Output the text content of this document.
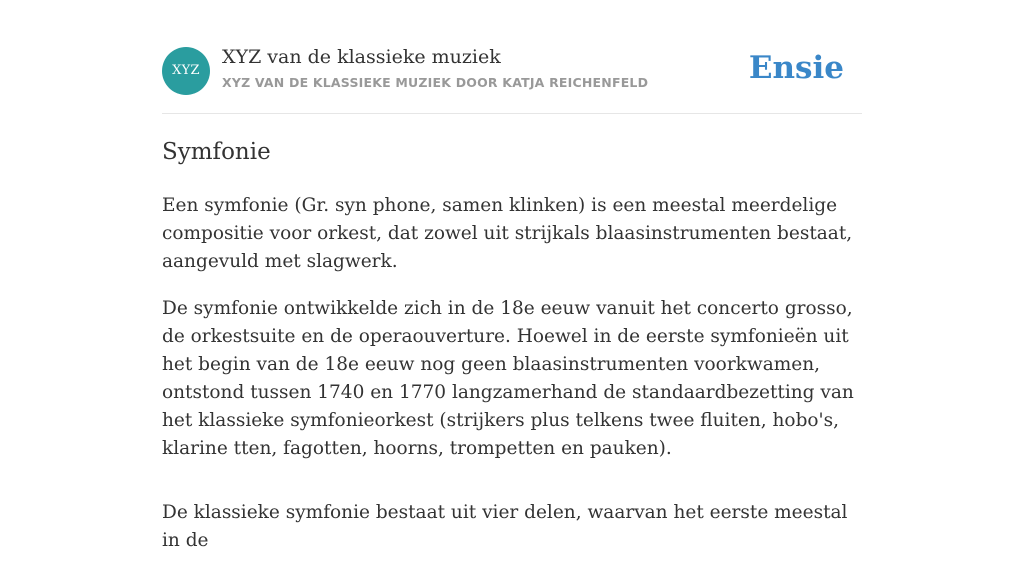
XYZ
XYZ van de klassieke muziek
XYZ VAN DE KLASSIEKE MUZIEK DOOR KATJA REICHENFELD	Ensie
Symfonie

Een symfonie (Gr. syn phone, samen klinken) is een meestal meerdelige compositie voor orkest, dat zowel uit strijkals blaasinstrumenten bestaat, aangevuld met slagwerk.

De symfonie ontwikkelde zich in de 18e eeuw vanuit het concerto grosso, de orkestsuite en de operaouverture. Hoewel in de eerste symfonieën uit het begin van de 18e eeuw nog geen blaasinstrumenten voorkwamen, ontstond tussen 1740 en 1770 langzamerhand de standaardbezetting van het klassieke symfonieorkest (strijkers plus telkens twee fluiten, hobo's, klarine tten, fagotten, hoorns, trompetten en pauken).

De klassieke symfonie bestaat uit vier delen, waarvan het eerste meestal in de
